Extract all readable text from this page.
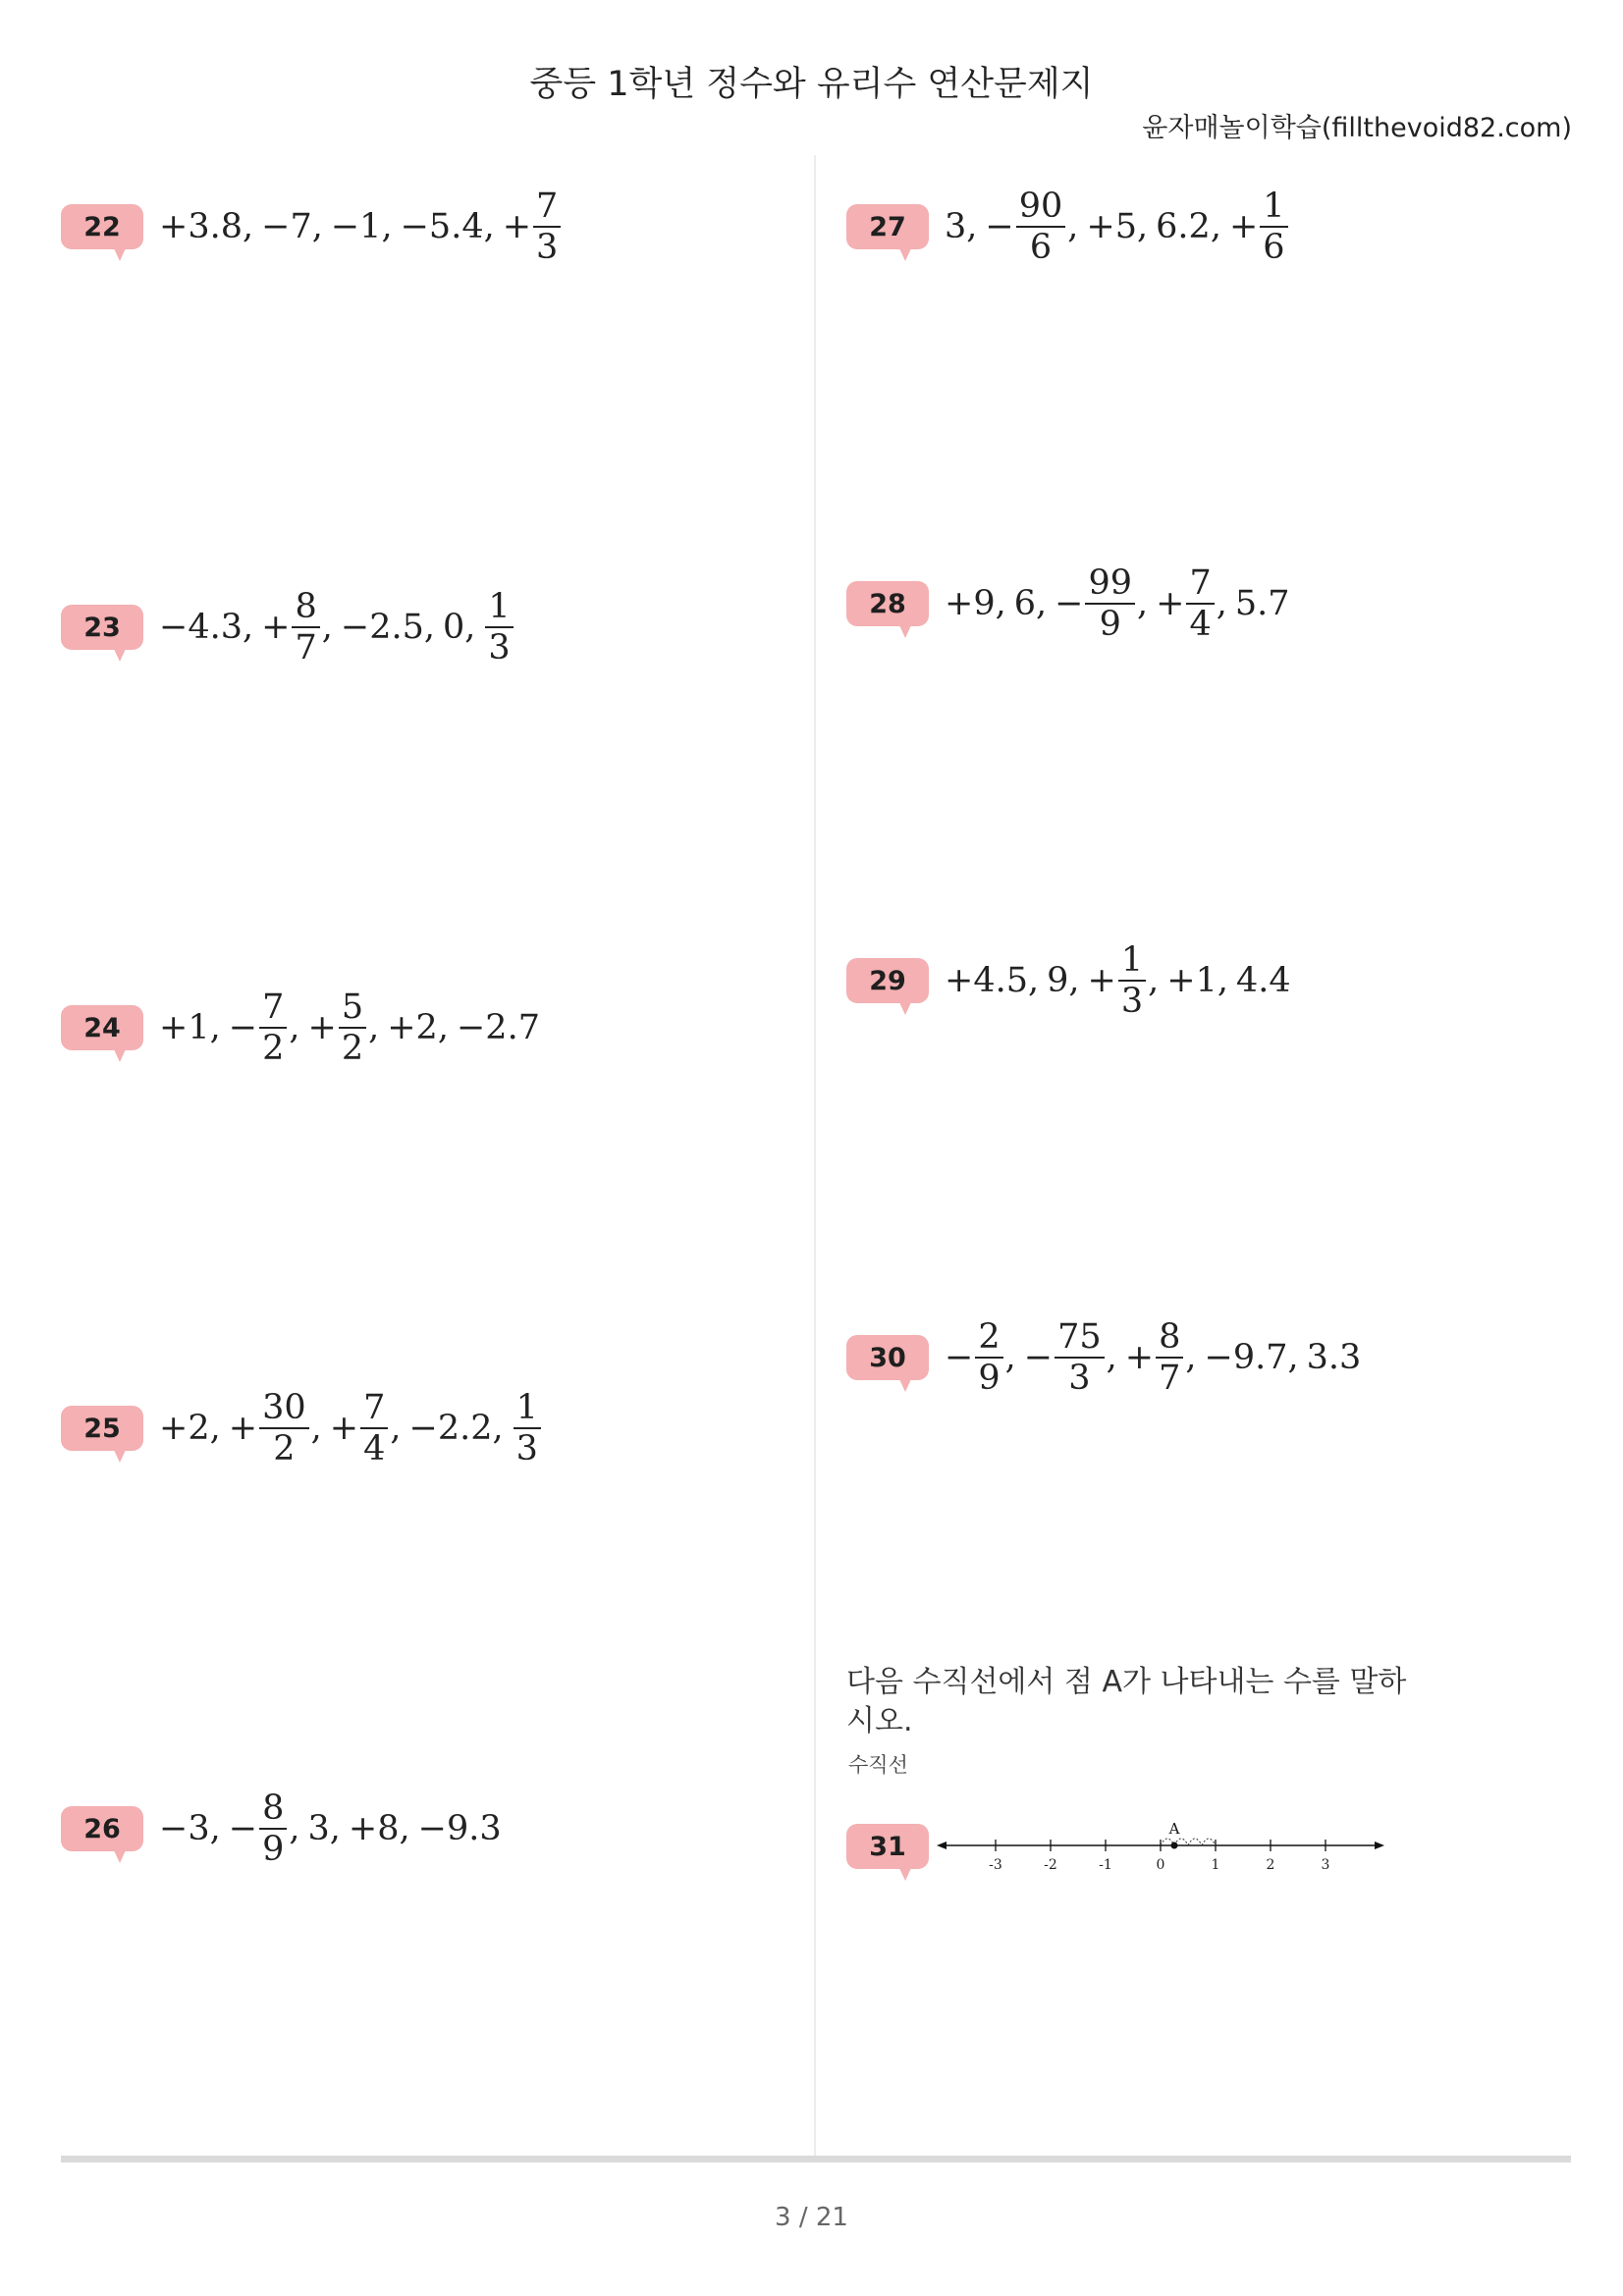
중등 1학년 정수와 유리수 연산문제지
윤자매놀이학습(fillthevoid82.com)
22	+3.8, −7, −1, −5.4, + $\frac{7}{3}$
23	−4.3, + $\frac{8}{7}$ , −2.5, 0, $\frac{1}{3}$
24	+1, − $\frac{7}{2}$ , + $\frac{5}{2}$ , +2, −2.7
25	+2, + $\frac{30}{2}$ , + $\frac{7}{4}$ , −2.2, $\frac{1}{3}$
26	−3, − $\frac{8}{9}$ , 3, +8, −9.3
27	3, − $\frac{90}{6}$ , +5, 6.2, + $\frac{1}{6}$
28	+9, 6, − $\frac{99}{9}$ , + $\frac{7}{4}$ , 5.7
29	+4.5, 9, + $\frac{1}{3}$ , +1, 4.4
30	− $\frac{2}{9}$ , − $\frac{75}{3}$ , + $\frac{8}{7}$ , −9.7, 3.3
다음 수직선에서 점 A가 나타내는 수를 말하시오.
수직선
31
-3	-2	-1	0	1	2	3
A
3 / 21
